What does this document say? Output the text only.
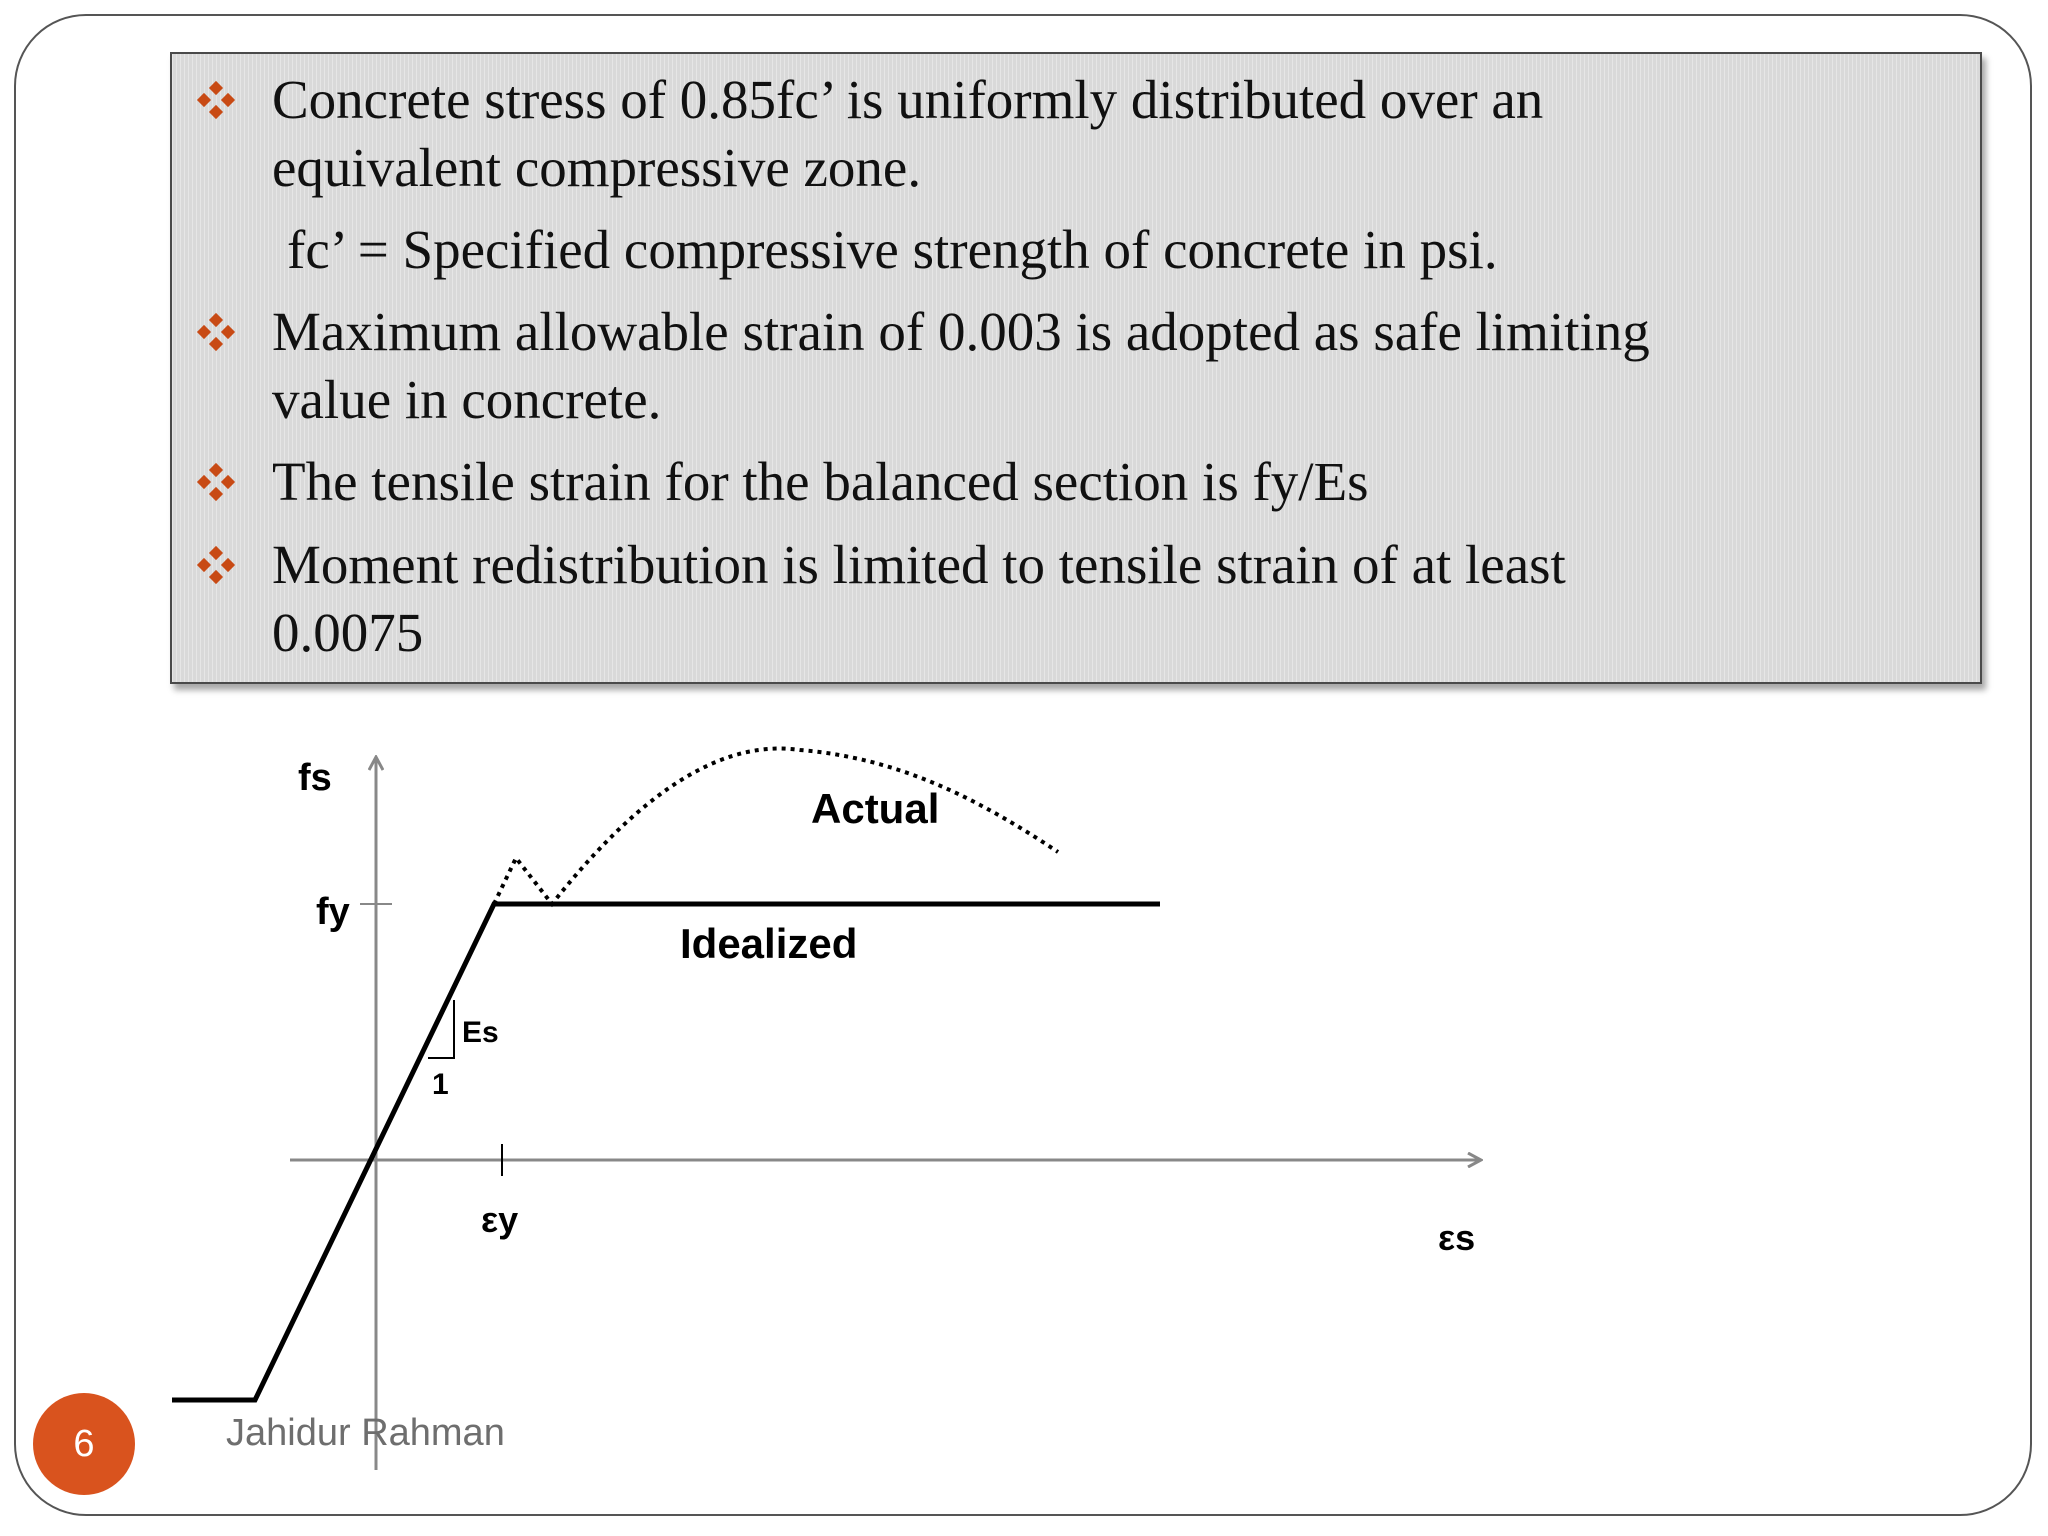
Concrete stress of 0.85fc’ is uniformly distributed over an
equivalent compressive zone.
fc’ = Specified compressive strength of concrete in psi.
Maximum allowable strain of 0.003 is adopted as safe limiting
value in concrete.
The tensile strain for the balanced section is fy/Es
Moment redistribution is limited to tensile strain of at least
0.0075
fs
fy
εy	εs
Es
1
Actual
Idealized
6	Jahidur Rahman
